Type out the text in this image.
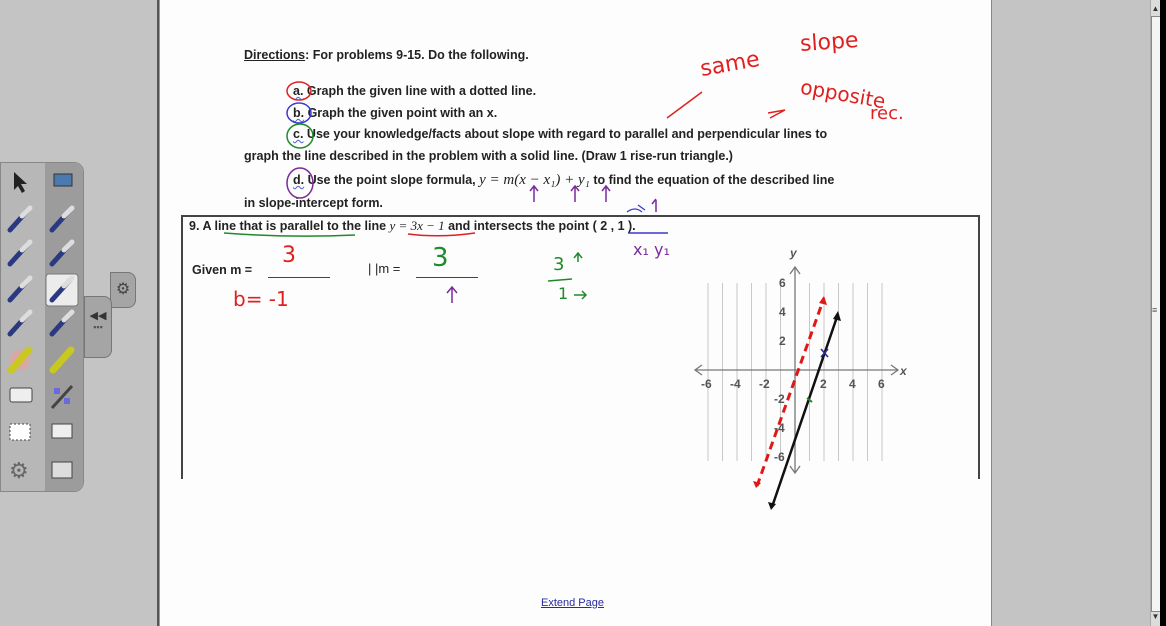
▲
▼
≡
Directions: For problems 9-15. Do the following.
a. Graph the given line with a dotted line.
b. Graph the given point with an x.
c. Use your knowledge/facts about slope with regard to parallel and perpendicular lines to
graph the line described in the problem with a solid line. (Draw 1 rise-run triangle.)
d. Use the point slope formula, y = m(x − x₁) + y₁ to find the equation of the described line
in slope-intercept form.
9. A line that is parallel to the line y = 3x − 1 and intersects the point ( 2 , 1 ).
Given m =	| |m =
Extend Page
same
slope
opposite
rec.
3
b= -1
3	3
1
x₁ y₁
-6 -4 -2	2 4 6
6
4
2
-2
-4
-6
x
y
⚙
◀◀
▪▪▪
⚙
